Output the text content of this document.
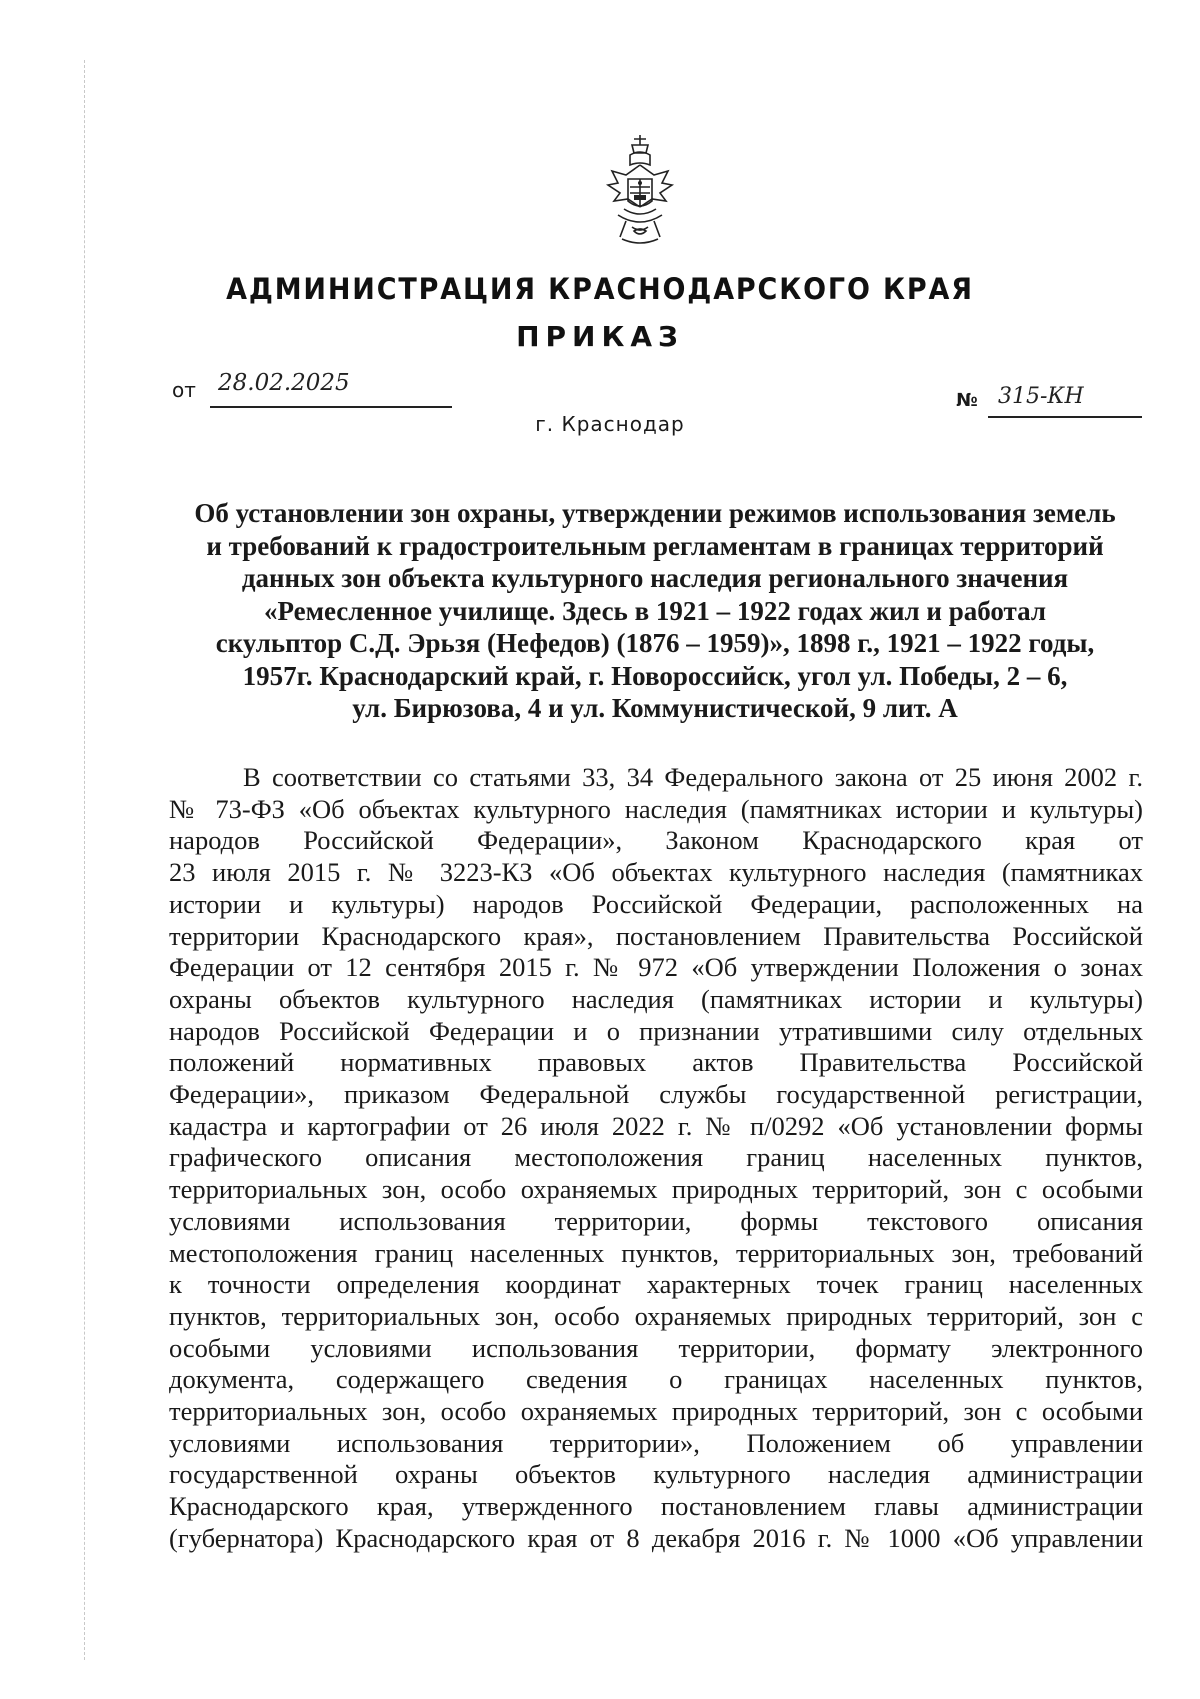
АДМИНИСТРАЦИЯ КРАСНОДАРСКОГО КРАЯ
ПРИКАЗ
от 28.02.2025
№ 315-КН
г. Краснодар
Об установлении зон охраны, утверждении режимов использования земель
и требований к градостроительным регламентам в границах территорий
данных зон объекта культурного наследия регионального значения
«Ремесленное училище. Здесь в 1921 – 1922 годах жил и работал
скульптор С.Д. Эрьзя (Нефедов) (1876 – 1959)», 1898 г., 1921 – 1922 годы,
1957г. Краснодарский край, г. Новороссийск, угол ул. Победы, 2 – 6,
ул. Бирюзова, 4 и ул. Коммунистической, 9 лит. А
В соответствии со статьями 33, 34 Федерального закона от 25 июня 2002 г.
№ 73-ФЗ «Об объектах культурного наследия (памятниках истории и культуры)
народов Российской Федерации», Законом Краснодарского края от
23 июля 2015 г. № 3223-КЗ «Об объектах культурного наследия (памятниках
истории и культуры) народов Российской Федерации, расположенных на
территории Краснодарского края», постановлением Правительства Российской
Федерации от 12 сентября 2015 г. № 972 «Об утверждении Положения о зонах
охраны объектов культурного наследия (памятниках истории и культуры)
народов Российской Федерации и о признании утратившими силу отдельных
положений нормативных правовых актов Правительства Российской
Федерации», приказом Федеральной службы государственной регистрации,
кадастра и картографии от 26 июля 2022 г. № п/0292 «Об установлении формы
графического описания местоположения границ населенных пунктов,
территориальных зон, особо охраняемых природных территорий, зон с особыми
условиями использования территории, формы текстового описания
местоположения границ населенных пунктов, территориальных зон, требований
к точности определения координат характерных точек границ населенных
пунктов, территориальных зон, особо охраняемых природных территорий, зон с
особыми условиями использования территории, формату электронного
документа, содержащего сведения о границах населенных пунктов,
территориальных зон, особо охраняемых природных территорий, зон с особыми
условиями использования территории», Положением об управлении
государственной охраны объектов культурного наследия администрации
Краснодарского края, утвержденного постановлением главы администрации
(губернатора) Краснодарского края от 8 декабря 2016 г. № 1000 «Об управлении
